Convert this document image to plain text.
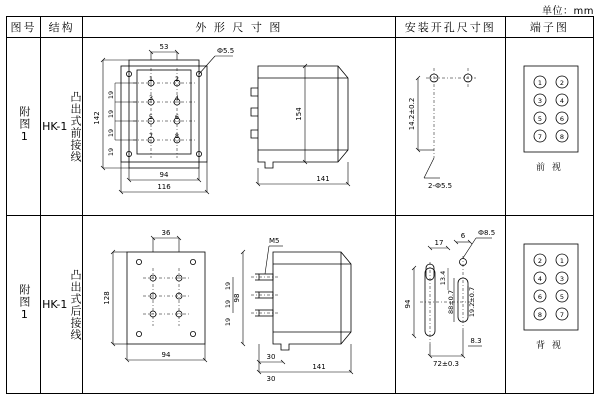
单位：mm
图号	结构	外 形 尺 寸 图	安装开孔尺寸图	端子图
附图1	HK-1 凸出式前接线

1	2
3	4
5	6
7	8
53	Ф5.5
142
19
19
19
19
94
116
154
141

14.2±0.2
2-Ф5.5

1	2
3	4
5	6
7	8
前 视

附图1	HK-1 凸出式后接线

36
128
94
M5
98
19
19
19
30
30
141

17
6 Ф8.5
13.4
94	88±0.7 19.2±0.7
72±0.3
8.3

2	1
4	3
6	5
8	7
背 视
